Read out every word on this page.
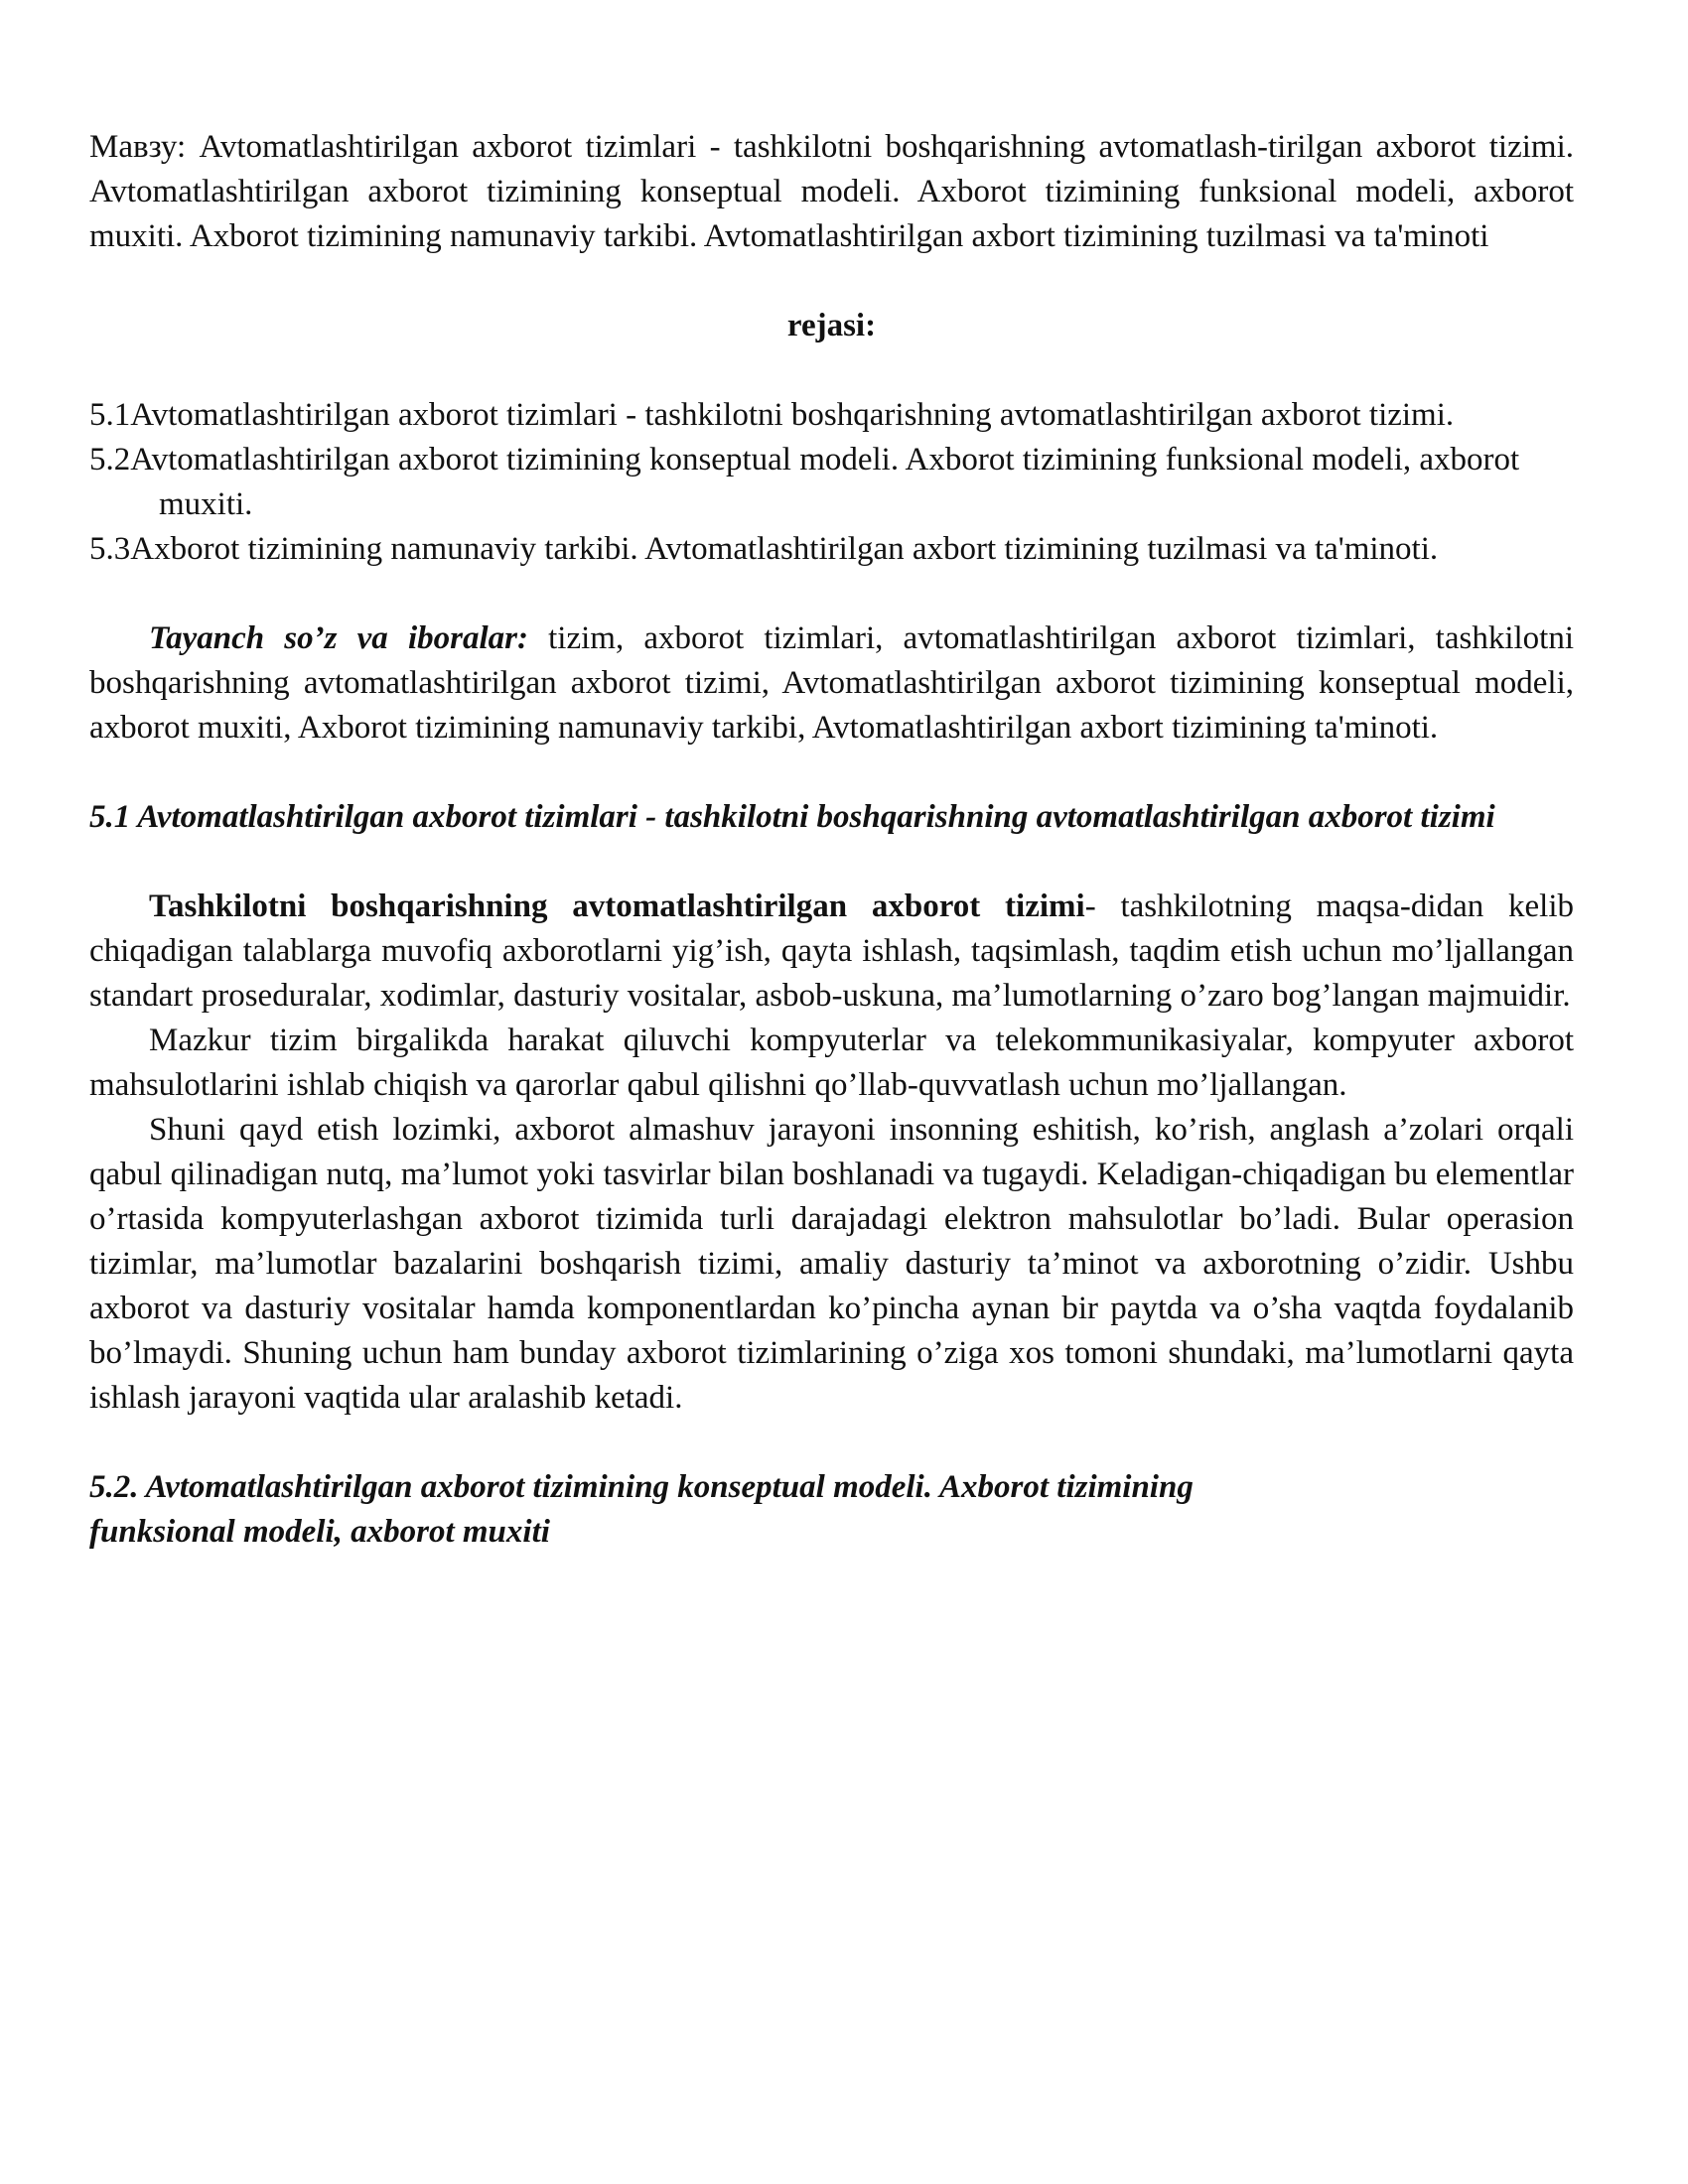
Мавзу: Avtomatlashtirilgan axborot tizimlari - tashkilotni boshqarishning avtomatlash-tirilgan axborot tizimi. Avtomatlashtirilgan axborot tizimining konseptual modeli. Axborot tizimining funksional modeli, axborot muxiti. Axborot tizimining namunaviy tarkibi. Avtomatlashtirilgan axbort tizimining tuzilmasi va ta'minoti

rejasi:

5.1Avtomatlashtirilgan axborot tizimlari - tashkilotni boshqarishning avtomatlashtirilgan axborot tizimi.

5.2Avtomatlashtirilgan axborot tizimining konseptual modeli. Axborot tizimining funksional modeli, axborot muxiti.

5.3Axborot tizimining namunaviy tarkibi. Avtomatlashtirilgan axbort tizimining tuzilmasi va ta'minoti.

Tayanch so’z va iboralar: tizim, axborot tizimlari, avtomatlashtirilgan axborot tizimlari, tashkilotni boshqarishning avtomatlashtirilgan axborot tizimi, Avtomatlashtirilgan axborot tizimining konseptual modeli, axborot muxiti, Axborot tizimining namunaviy tarkibi, Avtomatlashtirilgan axbort tizimining ta'minoti.

5.1 Avtomatlashtirilgan axborot tizimlari - tashkilotni boshqarishning avtomatlashtirilgan axborot tizimi

Tashkilotni boshqarishning avtomatlashtirilgan axborot tizimi- tashkilotning maqsa-didan kelib chiqadigan talablarga muvofiq axborotlarni yig’ish, qayta ishlash, taqsimlash, taqdim etish uchun mo’ljallangan standart proseduralar, xodimlar, dasturiy vositalar, asbob-uskuna, ma’lumotlarning o’zaro bog’langan majmuidir.

Mazkur tizim birgalikda harakat qiluvchi kompyuterlar va telekommunikasiyalar, kompyuter axborot mahsulotlarini ishlab chiqish va qarorlar qabul qilishni qo’llab-quvvatlash uchun mo’ljallangan.

Shuni qayd etish lozimki, axborot almashuv jarayoni insonning eshitish, ko’rish, anglash a’zolari orqali qabul qilinadigan nutq, ma’lumot yoki tasvirlar bilan boshlanadi va tugaydi. Keladigan-chiqadigan bu elementlar o’rtasida kompyuterlashgan axborot tizimida turli darajadagi elektron mahsulotlar bo’ladi. Bular operasion tizimlar, ma’lumotlar bazalarini boshqarish tizimi, amaliy dasturiy ta’minot va axborotning o’zidir. Ushbu axborot va dasturiy vositalar hamda komponentlardan ko’pincha aynan bir paytda va o’sha vaqtda foydalanib bo’lmaydi. Shuning uchun ham bunday axborot tizimlarining o’ziga xos tomoni shundaki, ma’lumotlarni qayta ishlash jarayoni vaqtida ular aralashib ketadi.

5.2. Avtomatlashtirilgan axborot tizimining konseptual modeli. Axborot tizimining

funksional modeli, axborot muxiti
